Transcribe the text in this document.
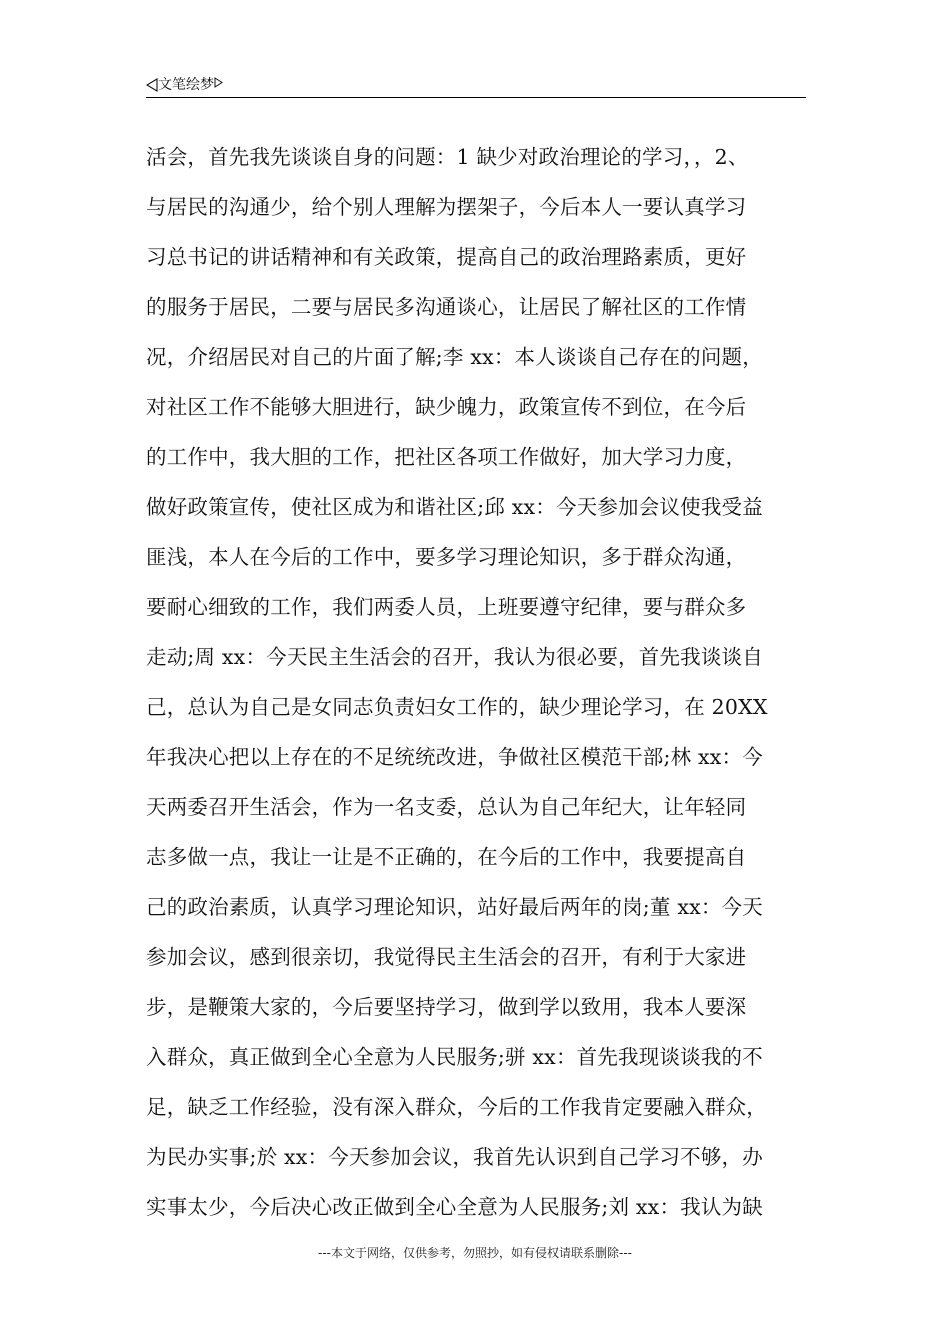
文笔绘梦
活会，首先我先谈谈自身的问题：1 缺少对政治理论的学习，，2、
与居民的沟通少，给个别人理解为摆架子，今后本人一要认真学习
习总书记的讲话精神和有关政策，提高自己的政治理路素质，更好
的服务于居民，二要与居民多沟通谈心，让居民了解社区的工作情
况，介绍居民对自己的片面了解;李 xx：本人谈谈自己存在的问题，
对社区工作不能够大胆进行，缺少魄力，政策宣传不到位，在今后
的工作中，我大胆的工作，把社区各项工作做好，加大学习力度，
做好政策宣传，使社区成为和谐社区;邱 xx：今天参加会议使我受益
匪浅，本人在今后的工作中，要多学习理论知识，多于群众沟通，
要耐心细致的工作，我们两委人员，上班要遵守纪律，要与群众多
走动;周 xx：今天民主生活会的召开，我认为很必要，首先我谈谈自
己，总认为自己是女同志负责妇女工作的，缺少理论学习，在 20XX
年我决心把以上存在的不足统统改进，争做社区模范干部;林 xx：今
天两委召开生活会，作为一名支委，总认为自己年纪大，让年轻同
志多做一点，我让一让是不正确的，在今后的工作中，我要提高自
己的政治素质，认真学习理论知识，站好最后两年的岗;董 xx：今天
参加会议，感到很亲切，我觉得民主生活会的召开，有利于大家进
步，是鞭策大家的，今后要坚持学习，做到学以致用，我本人要深
入群众，真正做到全心全意为人民服务;骈 xx：首先我现谈谈我的不
足，缺乏工作经验，没有深入群众，今后的工作我肯定要融入群众，
为民办实事;於 xx：今天参加会议，我首先认识到自己学习不够，办
实事太少，今后决心改正做到全心全意为人民服务;刘 xx：我认为缺
---本文于网络，仅供参考，勿照抄，如有侵权请联系删除---
